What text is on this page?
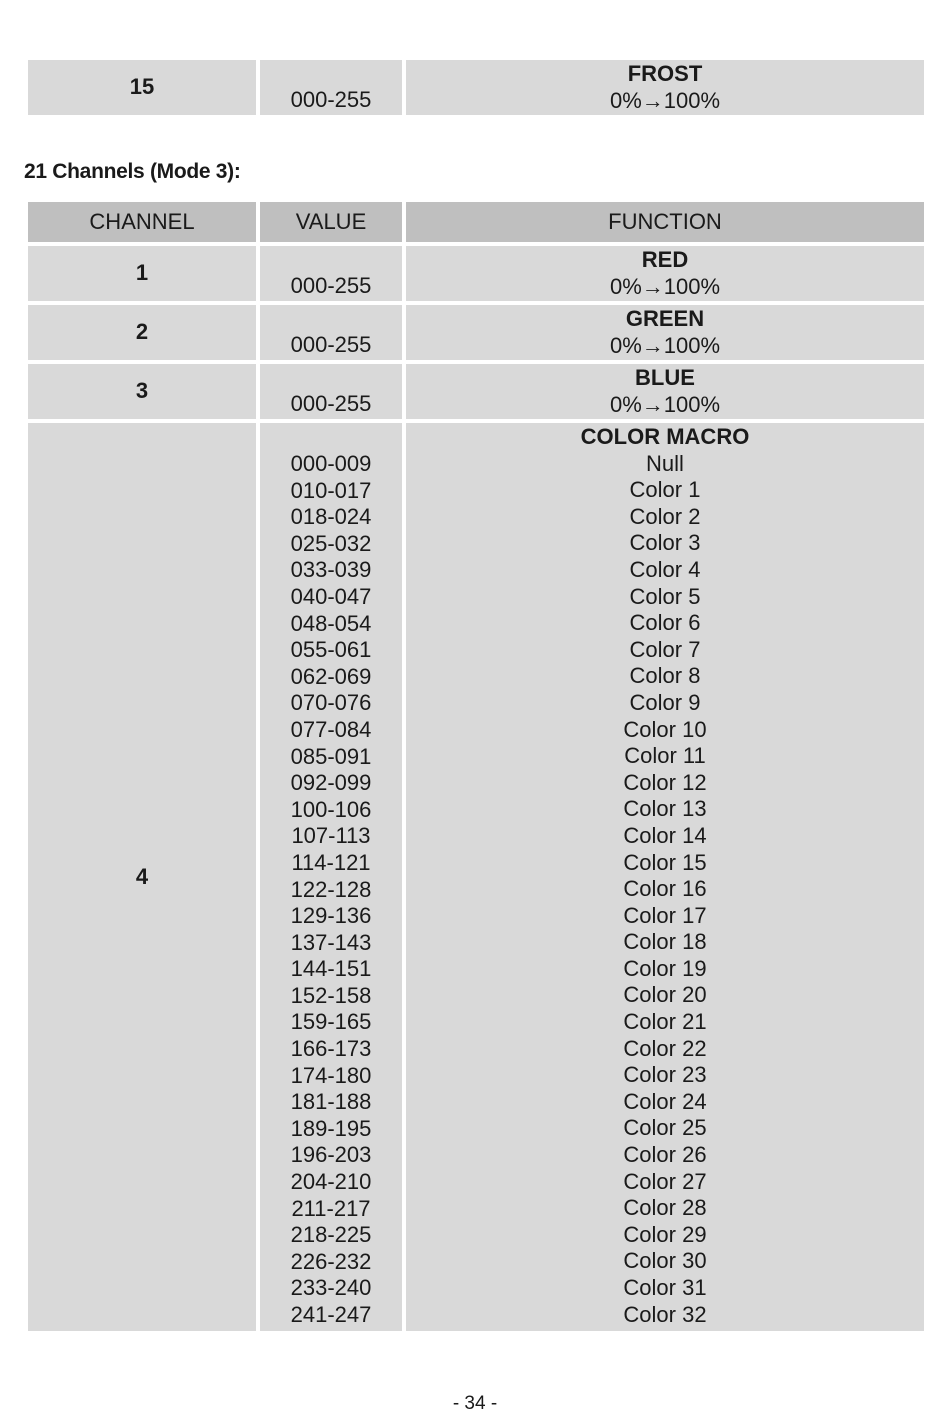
15
000-255
FROST
0%→100%
21 Channels (Mode 3):
CHANNEL	VALUE	FUNCTION
1
000-255
RED
0%→100%
2
000-255
GREEN
0%→100%
3
000-255
BLUE
0%→100%
4
000-009
010-017
018-024
025-032
033-039
040-047
048-054
055-061
062-069
070-076
077-084
085-091
092-099
100-106
107-113
114-121
122-128
129-136
137-143
144-151
152-158
159-165
166-173
174-180
181-188
189-195
196-203
204-210
211-217
218-225
226-232
233-240
241-247
COLOR MACRO
Null
Color 1
Color 2
Color 3
Color 4
Color 5
Color 6
Color 7
Color 8
Color 9
Color 10
Color 11
Color 12
Color 13
Color 14
Color 15
Color 16
Color 17
Color 18
Color 19
Color 20
Color 21
Color 22
Color 23
Color 24
Color 25
Color 26
Color 27
Color 28
Color 29
Color 30
Color 31
Color 32
- 34 -
